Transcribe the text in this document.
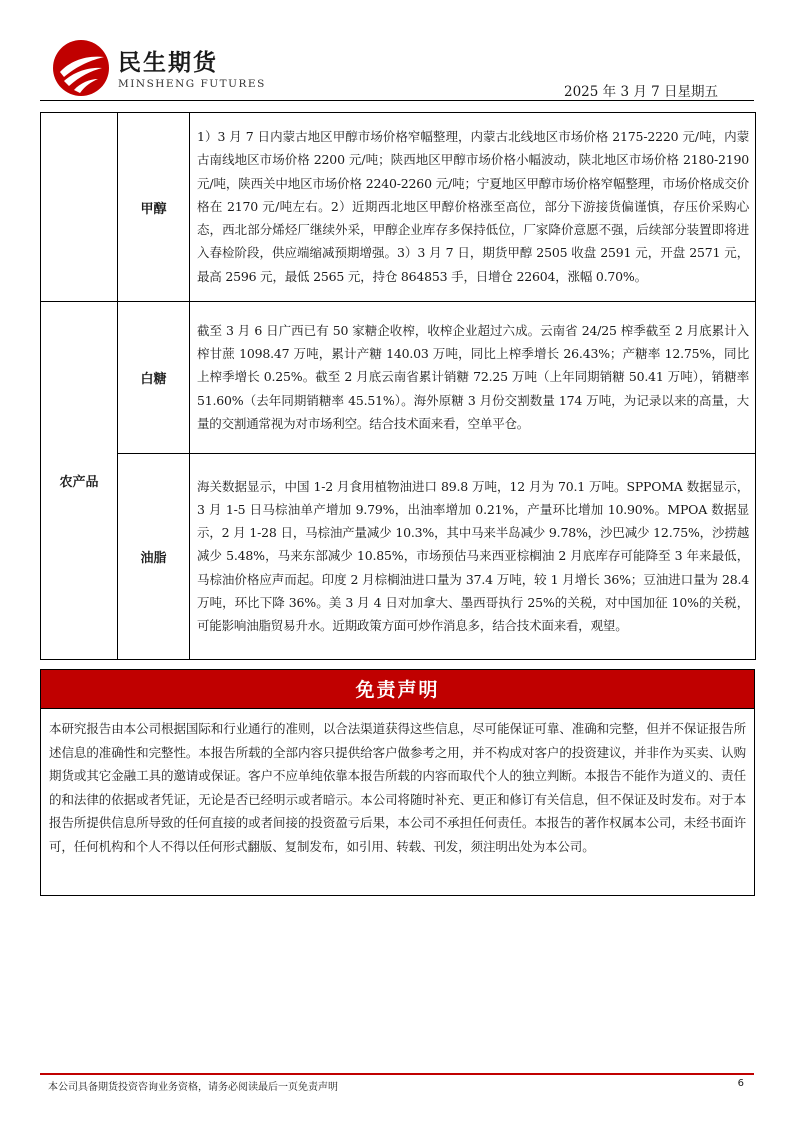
民生期货
MINSHENG FUTURES	2025 年 3 月 7 日星期五
	甲醇	1）3 月 7 日内蒙古地区甲醇市场价格窄幅整理，内蒙古北线地区市场价格 2175-2220 元/吨，内蒙古南线地区市场价格 2200 元/吨；陕西地区甲醇市场价格小幅波动，陕北地区市场价格 2180-2190 元/吨，陕西关中地区市场价格 2240-2260 元/吨；宁夏地区甲醇市场价格窄幅整理，市场价格成交价格在 2170 元/吨左右。2）近期西北地区甲醇价格涨至高位，部分下游接货偏谨慎，存压价采购心态，西北部分烯烃厂继续外采，甲醇企业库存多保持低位，厂家降价意愿不强，后续部分装置即将进入春检阶段，供应端缩减预期增强。3）3 月 7 日，期货甲醇 2505 收盘 2591 元，开盘 2571 元，最高 2596 元，最低 2565 元，持仓 864853 手，日增仓 22604，涨幅 0.70%。
农产品	白糖	截至 3 月 6 日广西已有 50 家糖企收榨，收榨企业超过六成。云南省 24/25 榨季截至 2 月底累计入榨甘蔗 1098.47 万吨，累计产糖 140.03 万吨，同比上榨季增长 26.43%；产糖率 12.75%，同比上榨季增长 0.25%。截至 2 月底云南省累计销糖 72.25 万吨（上年同期销糖 50.41 万吨），销糖率 51.60%（去年同期销糖率 45.51%）。海外原糖 3 月份交割数量 174 万吨，为记录以来的高量，大量的交割通常视为对市场利空。结合技术面来看，空单平仓。
	油脂	海关数据显示，中国 1-2 月食用植物油进口 89.8 万吨，12 月为 70.1 万吨。SPPOMA 数据显示，3 月 1-5 日马棕油单产增加 9.79%，出油率增加 0.21%，产量环比增加 10.90%。MPOA 数据显示，2 月 1-28 日，马棕油产量减少 10.3%，其中马来半岛减少 9.78%，沙巴减少 12.75%，沙捞越减少 5.48%，马来东部减少 10.85%，市场预估马来西亚棕榈油 2 月底库存可能降至 3 年来最低，马棕油价格应声而起。印度 2 月棕榈油进口量为 37.4 万吨，较 1 月增长 36%；豆油进口量为 28.4 万吨，环比下降 36%。美 3 月 4 日对加拿大、墨西哥执行 25%的关税，对中国加征 10%的关税，可能影响油脂贸易升水。近期政策方面可炒作消息多，结合技术面来看，观望。
免责声明
本研究报告由本公司根据国际和行业通行的准则，以合法渠道获得这些信息，尽可能保证可靠、准确和完整，但并不保证报告所述信息的准确性和完整性。本报告所载的全部内容只提供给客户做参考之用，并不构成对客户的投资建议，并非作为买卖、认购期货或其它金融工具的邀请或保证。客户不应单纯依靠本报告所载的内容而取代个人的独立判断。本报告不能作为道义的、责任的和法律的依据或者凭证，无论是否已经明示或者暗示。本公司将随时补充、更正和修订有关信息，但不保证及时发布。对于本报告所提供信息所导致的任何直接的或者间接的投资盈亏后果，本公司不承担任何责任。本报告的著作权属本公司，未经书面许可，任何机构和个人不得以任何形式翻版、复制发布，如引用、转载、刊发，须注明出处为本公司。
本公司具备期货投资咨询业务资格，请务必阅读最后一页免责声明	6
